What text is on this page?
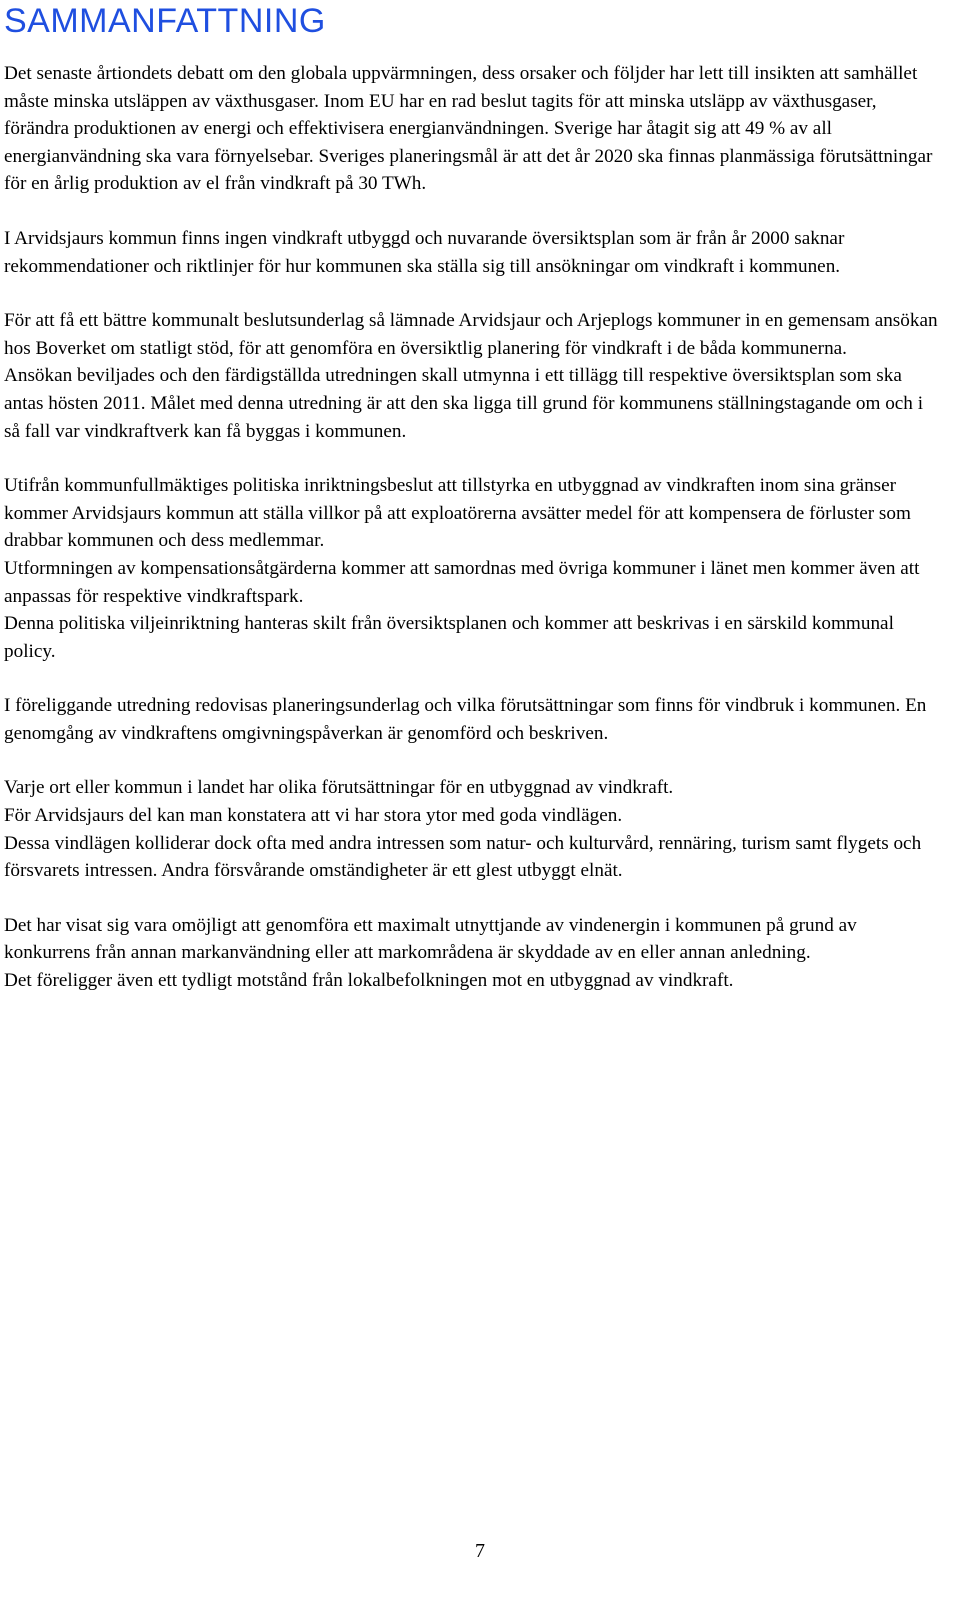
SAMMANFATTNING

Det senaste årtiondets debatt om den globala uppvärmningen, dess orsaker och följder har lett till insikten att samhället måste minska utsläppen av växthusgaser. Inom EU har en rad beslut tagits för att minska utsläpp av växthusgaser, förändra produktionen av energi och effektivisera energianvändningen. Sverige har åtagit sig att 49 % av all energianvändning ska vara förnyelsebar. Sveriges planeringsmål är att det år 2020 ska finnas planmässiga förutsättningar för en årlig produktion av el från vindkraft på 30 TWh.

I Arvidsjaurs kommun finns ingen vindkraft utbyggd och nuvarande översiktsplan som är från år 2000 saknar rekommendationer och riktlinjer för hur kommunen ska ställa sig till ansökningar om vindkraft i kommunen.

För att få ett bättre kommunalt beslutsunderlag så lämnade Arvidsjaur och Arjeplogs kommuner in en gemensam ansökan hos Boverket om statligt stöd, för att genomföra en översiktlig planering för vindkraft i de båda kommunerna.

Ansökan beviljades och den färdigställda utredningen skall utmynna i ett tillägg till respektive översiktsplan som ska antas hösten 2011. Målet med denna utredning är att den ska ligga till grund för kommunens ställningstagande om och i så fall var vindkraftverk kan få byggas i kommunen.

Utifrån kommunfullmäktiges politiska inriktningsbeslut att tillstyrka en utbyggnad av vindkraften inom sina gränser kommer Arvidsjaurs kommun att ställa villkor på att exploatörerna avsätter medel för att kompensera de förluster som drabbar kommunen och dess medlemmar.

Utformningen av kompensationsåtgärderna kommer att samordnas med övriga kommuner i länet men kommer även att anpassas för respektive vindkraftspark.

Denna politiska viljeinriktning hanteras skilt från översiktsplanen och kommer att beskrivas i en särskild kommunal policy.

I föreliggande utredning redovisas planeringsunderlag och vilka förutsättningar som finns för vindbruk i kommunen. En genomgång av vindkraftens omgivningspåverkan är genomförd och beskriven.

Varje ort eller kommun i landet har olika förutsättningar för en utbyggnad av vindkraft.

För Arvidsjaurs del kan man konstatera att vi har stora ytor med goda vindlägen.

Dessa vindlägen kolliderar dock ofta med andra intressen som natur- och kulturvård, rennäring, turism samt flygets och försvarets intressen. Andra försvårande omständigheter är ett glest utbyggt elnät.

Det har visat sig vara omöjligt att genomföra ett maximalt utnyttjande av vindenergin i kommunen på grund av konkurrens från annan markanvändning eller att markområdena är skyddade av en eller annan anledning.

Det föreligger även ett tydligt motstånd från lokalbefolkningen mot en utbyggnad av vindkraft.

7
